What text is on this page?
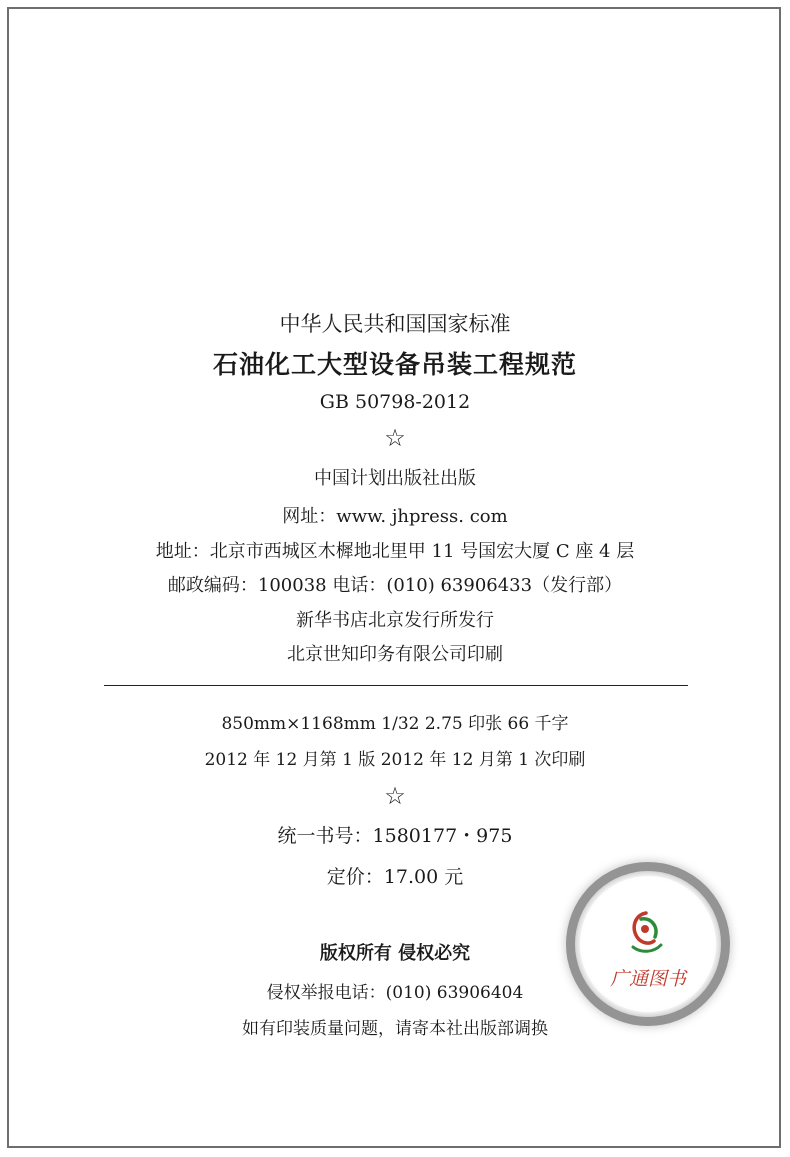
中华人民共和国国家标准
石油化工大型设备吊装工程规范
GB 50798-2012
☆
中国计划出版社出版
网址：www. jhpress. com
地址：北京市西城区木樨地北里甲 11 号国宏大厦 C 座 4 层
邮政编码：100038 电话：(010) 63906433（发行部）
新华书店北京发行所发行
北京世知印务有限公司印刷
850mm×1168mm 1/32 2.75 印张 66 千字
2012 年 12 月第 1 版 2012 年 12 月第 1 次印刷
☆
统一书号：1580177・975
定价：17.00 元
版权所有 侵权必究
侵权举报电话：(010) 63906404
如有印装质量问题，请寄本社出版部调换
广通图书
